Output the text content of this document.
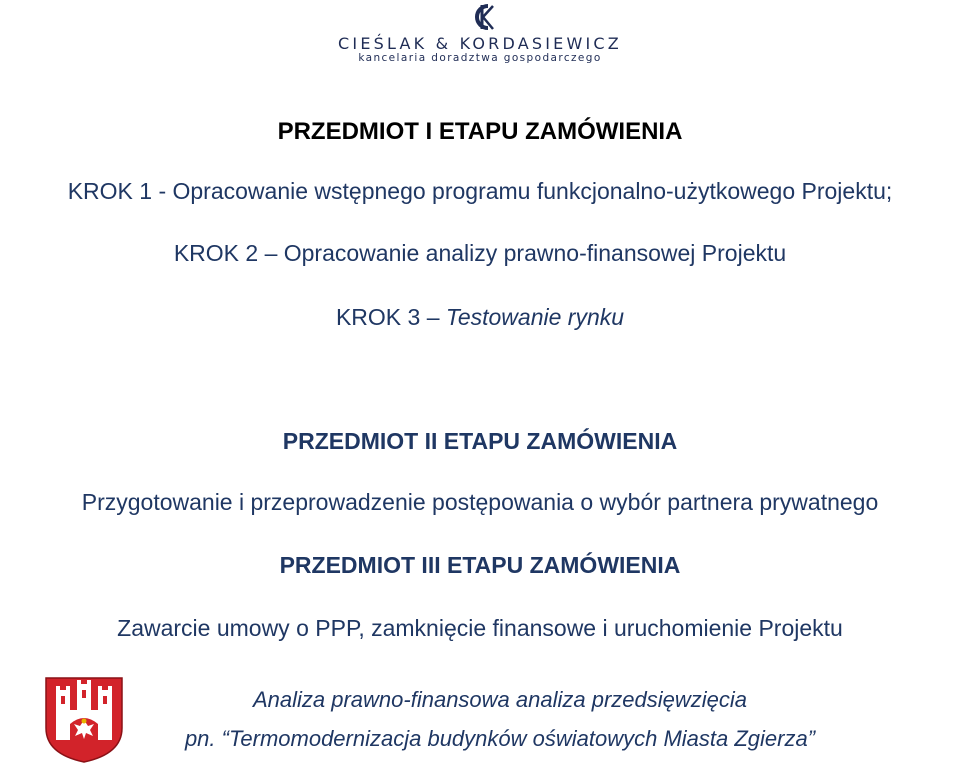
CIEŚLAK & KORDASIEWICZ
kancelaria doradztwa gospodarczego
PRZEDMIOT I ETAPU ZAMÓWIENIA
KROK 1 - Opracowanie wstępnego programu funkcjonalno-użytkowego Projektu;
KROK 2 – Opracowanie analizy prawno-finansowej Projektu
KROK 3 – Testowanie rynku
PRZEDMIOT II ETAPU ZAMÓWIENIA
Przygotowanie i przeprowadzenie postępowania o wybór partnera prywatnego
PRZEDMIOT III ETAPU ZAMÓWIENIA
Zawarcie umowy o PPP, zamknięcie finansowe i uruchomienie Projektu
Analiza prawno-finansowa analiza przedsięwzięcia
pn. “Termomodernizacja budynków oświatowych Miasta Zgierza”
